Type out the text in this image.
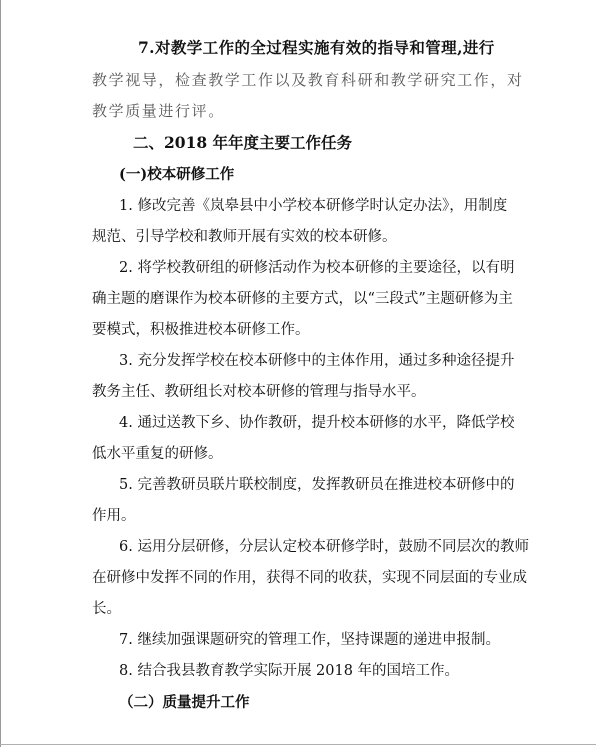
7.对教学工作的全过程实施有效的指导和管理,进行
教学视导，检查教学工作以及教育科研和教学研究工作，对
教学质量进行评。
二、2018 年年度主要工作任务
(一)校本研修工作
1. 修改完善《岚皋县中小学校本研修学时认定办法》，用制度
规范、引导学校和教师开展有实效的校本研修。
2. 将学校教研组的研修活动作为校本研修的主要途径，以有明
确主题的磨课作为校本研修的主要方式，以“三段式”主题研修为主
要模式，积极推进校本研修工作。
3. 充分发挥学校在校本研修中的主体作用，通过多种途径提升
教务主任、教研组长对校本研修的管理与指导水平。
4. 通过送教下乡、协作教研，提升校本研修的水平，降低学校
低水平重复的研修。
5. 完善教研员联片联校制度，发挥教研员在推进校本研修中的
作用。
6. 运用分层研修，分层认定校本研修学时，鼓励不同层次的教师
在研修中发挥不同的作用，获得不同的收获，实现不同层面的专业成
长。
7. 继续加强课题研究的管理工作，坚持课题的递进申报制。
8. 结合我县教育教学实际开展 2018 年的国培工作。
（二）质量提升工作
